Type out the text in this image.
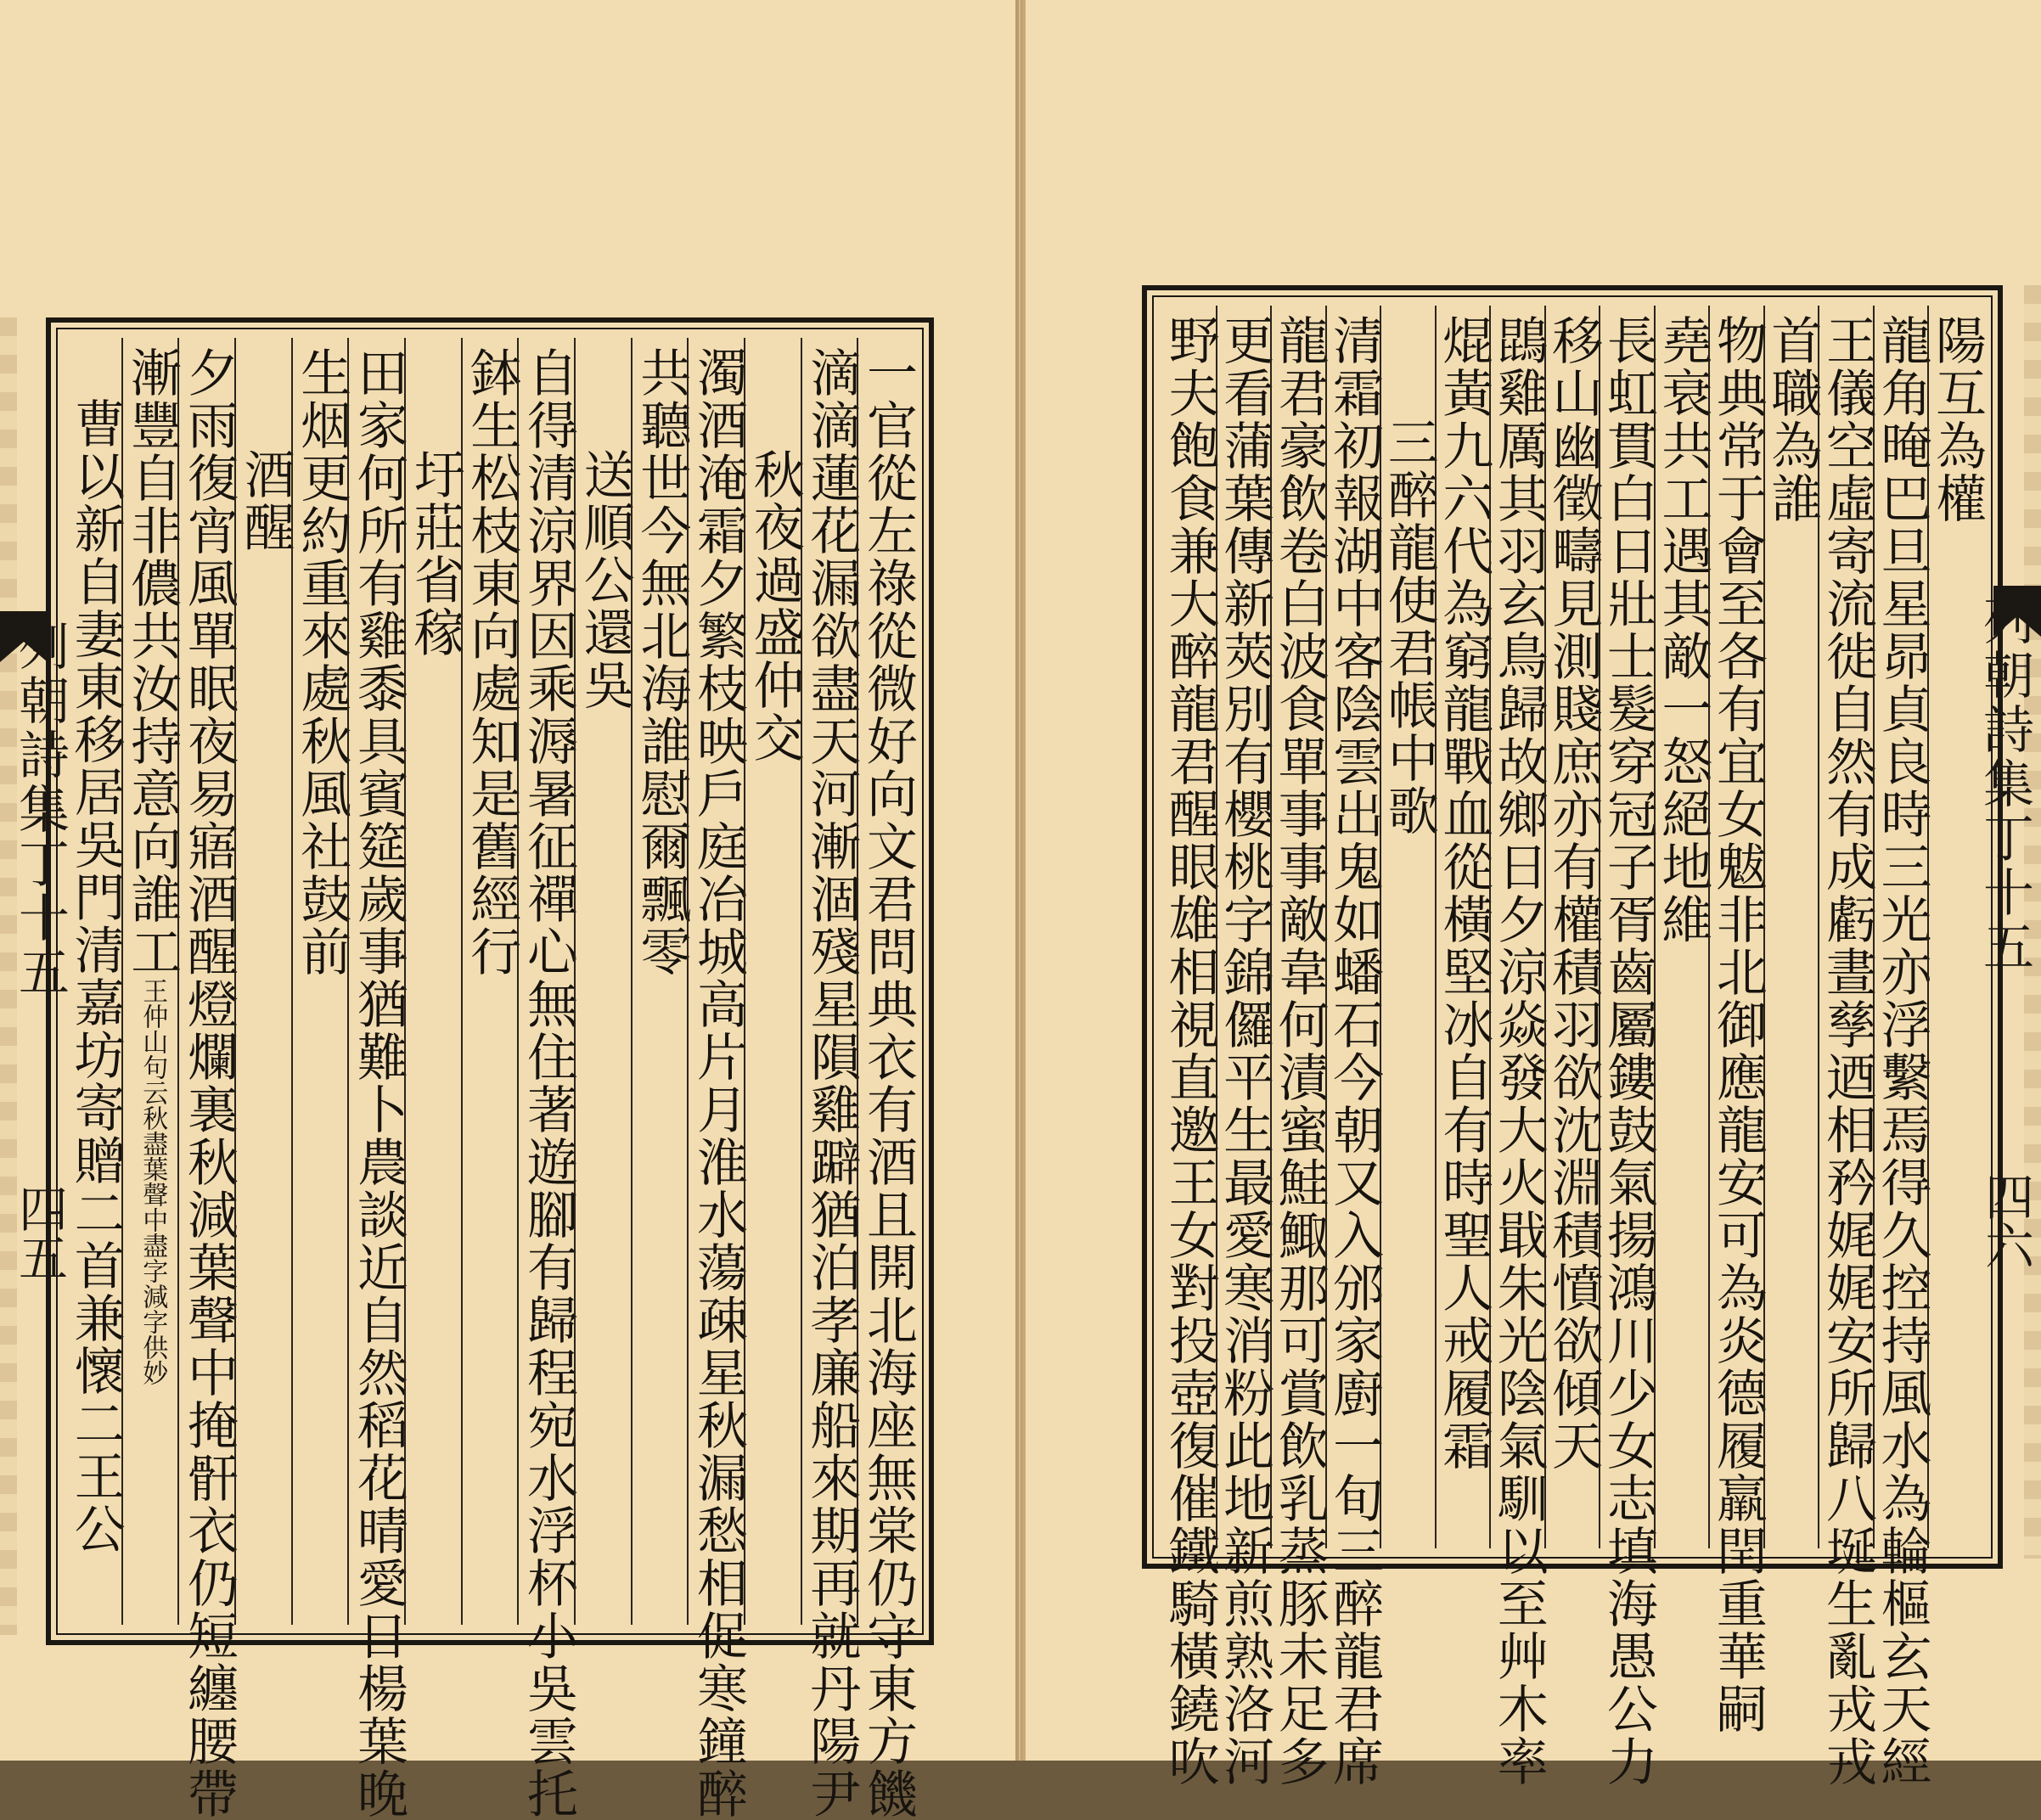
列朝詩集丁十五
四五	一官從左祿從微好向文君問典衣有酒且開北海座無棠仍守東方饑
滴滴蓮花漏欲盡天河漸涸殘星隕雞躃猶泊孝廉船來期再就丹陽尹
秋夜過盛仲交
濁酒淹霜夕繁枝映戶庭冶城高片月淮水蕩疎星秋漏愁相促寒鐘醉
共聽世今無北海誰慰爾飄零
送順公還吳
自得清涼界因乘溽暑征禪心無住著遊腳有歸程宛水浮杯小吳雲托
鉢生松枝東向處知是舊經行
圩莊省稼
田家何所有雞黍具賓筵歲事猶難卜農談近自然稻花晴愛日楊葉晚
生烟更約重來處秋風社鼓前
酒醒
夕雨復宵風單眠夜易寤酒醒燈爛裏秋減葉聲中掩骭衣仍短纏腰帶
漸豐自非儂共汝持意向誰工王仲山句云秋盡葉聲中盡字減字供妙
曹以新自妻東移居吳門清嘉坊寄贈二首兼懷二王公	列朝詩集丁十五
四六
陽互為權
龍角晻巴旦星昴貞良時三光亦浮繫焉得久控持風水為輪樞玄天經
王儀空虛寄流徙自然有成虧晝孳迺相矜娓娓安所歸八埏生亂戎戎
首職為誰
物典常于會至各有宜女魃非北御應龍安可為炎德履羸閏重華嗣
堯衰共工遇其敵一怒絕地維
長虹貫白日壯士髮穿冠子胥齒屬鏤鼓氣揚鴻川少女志填海愚公力
移山幽徵疇見測賤庶亦有權積羽欲沈淵積憤欲傾天
鵾雞厲其羽玄鳥歸故鄉日夕涼焱發大火戢朱光陰氣馴以至艸木率
焜黃九六代為窮龍戰血從橫堅冰自有時聖人戒履霜
三醉龍使君帳中歌
清霜初報湖中客陰雲出鬼如蟠石今朝又入邠家廚一旬三醉龍君席
龍君豪飲卷白波食單事事敵韋何漬蜜鮭鯫那可賞飲乳蒸豚未足多
更看蒲葉傳新莢別有櫻桃字錦儸平生最愛寒消粉此地新煎熟洛河
野夫飽食兼大醉龍君醒眼雄相視直邀王女對投壺復催鐵騎橫鐃吹
